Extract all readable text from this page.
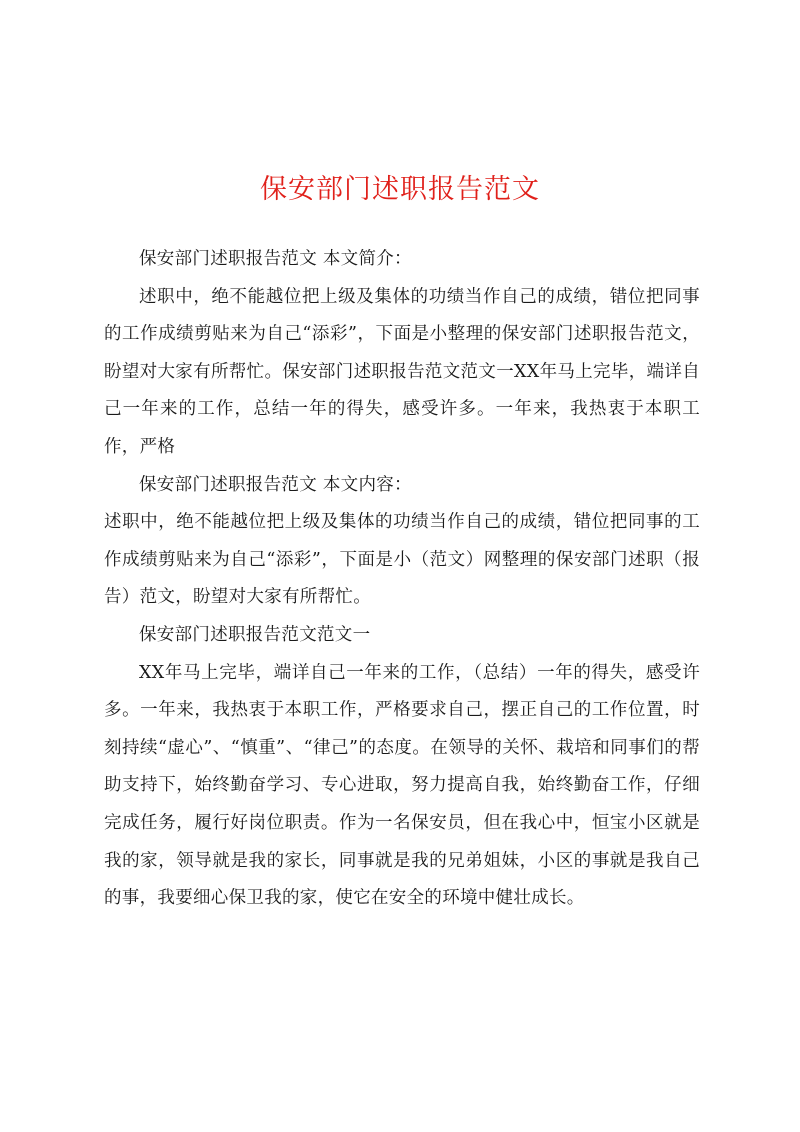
保安部门述职报告范文

保安部门述职报告范文 本文简介：

述职中，绝不能越位把上级及集体的功绩当作自己的成绩，错位把同事的工作成绩剪贴来为自己“添彩”，下面是小整理的保安部门述职报告范文，盼望对大家有所帮忙。保安部门述职报告范文范文一XX年马上完毕，端详自己一年来的工作，总结一年的得失，感受许多。一年来，我热衷于本职工作，严格

保安部门述职报告范文 本文内容：

述职中，绝不能越位把上级及集体的功绩当作自己的成绩，错位把同事的工作成绩剪贴来为自己“添彩”，下面是小（范文）网整理的保安部门述职（报告）范文，盼望对大家有所帮忙。

保安部门述职报告范文范文一

XX年马上完毕，端详自己一年来的工作，（总结）一年的得失，感受许多。一年来，我热衷于本职工作，严格要求自己，摆正自己的工作位置，时刻持续“虚心”、“慎重”、“律己”的态度。在领导的关怀、栽培和同事们的帮助支持下，始终勤奋学习、专心进取，努力提高自我，始终勤奋工作，仔细完成任务，履行好岗位职责。作为一名保安员，但在我心中，恒宝小区就是我的家，领导就是我的家长，同事就是我的兄弟姐妹，小区的事就是我自己的事，我要细心保卫我的家，使它在安全的环境中健壮成长。
